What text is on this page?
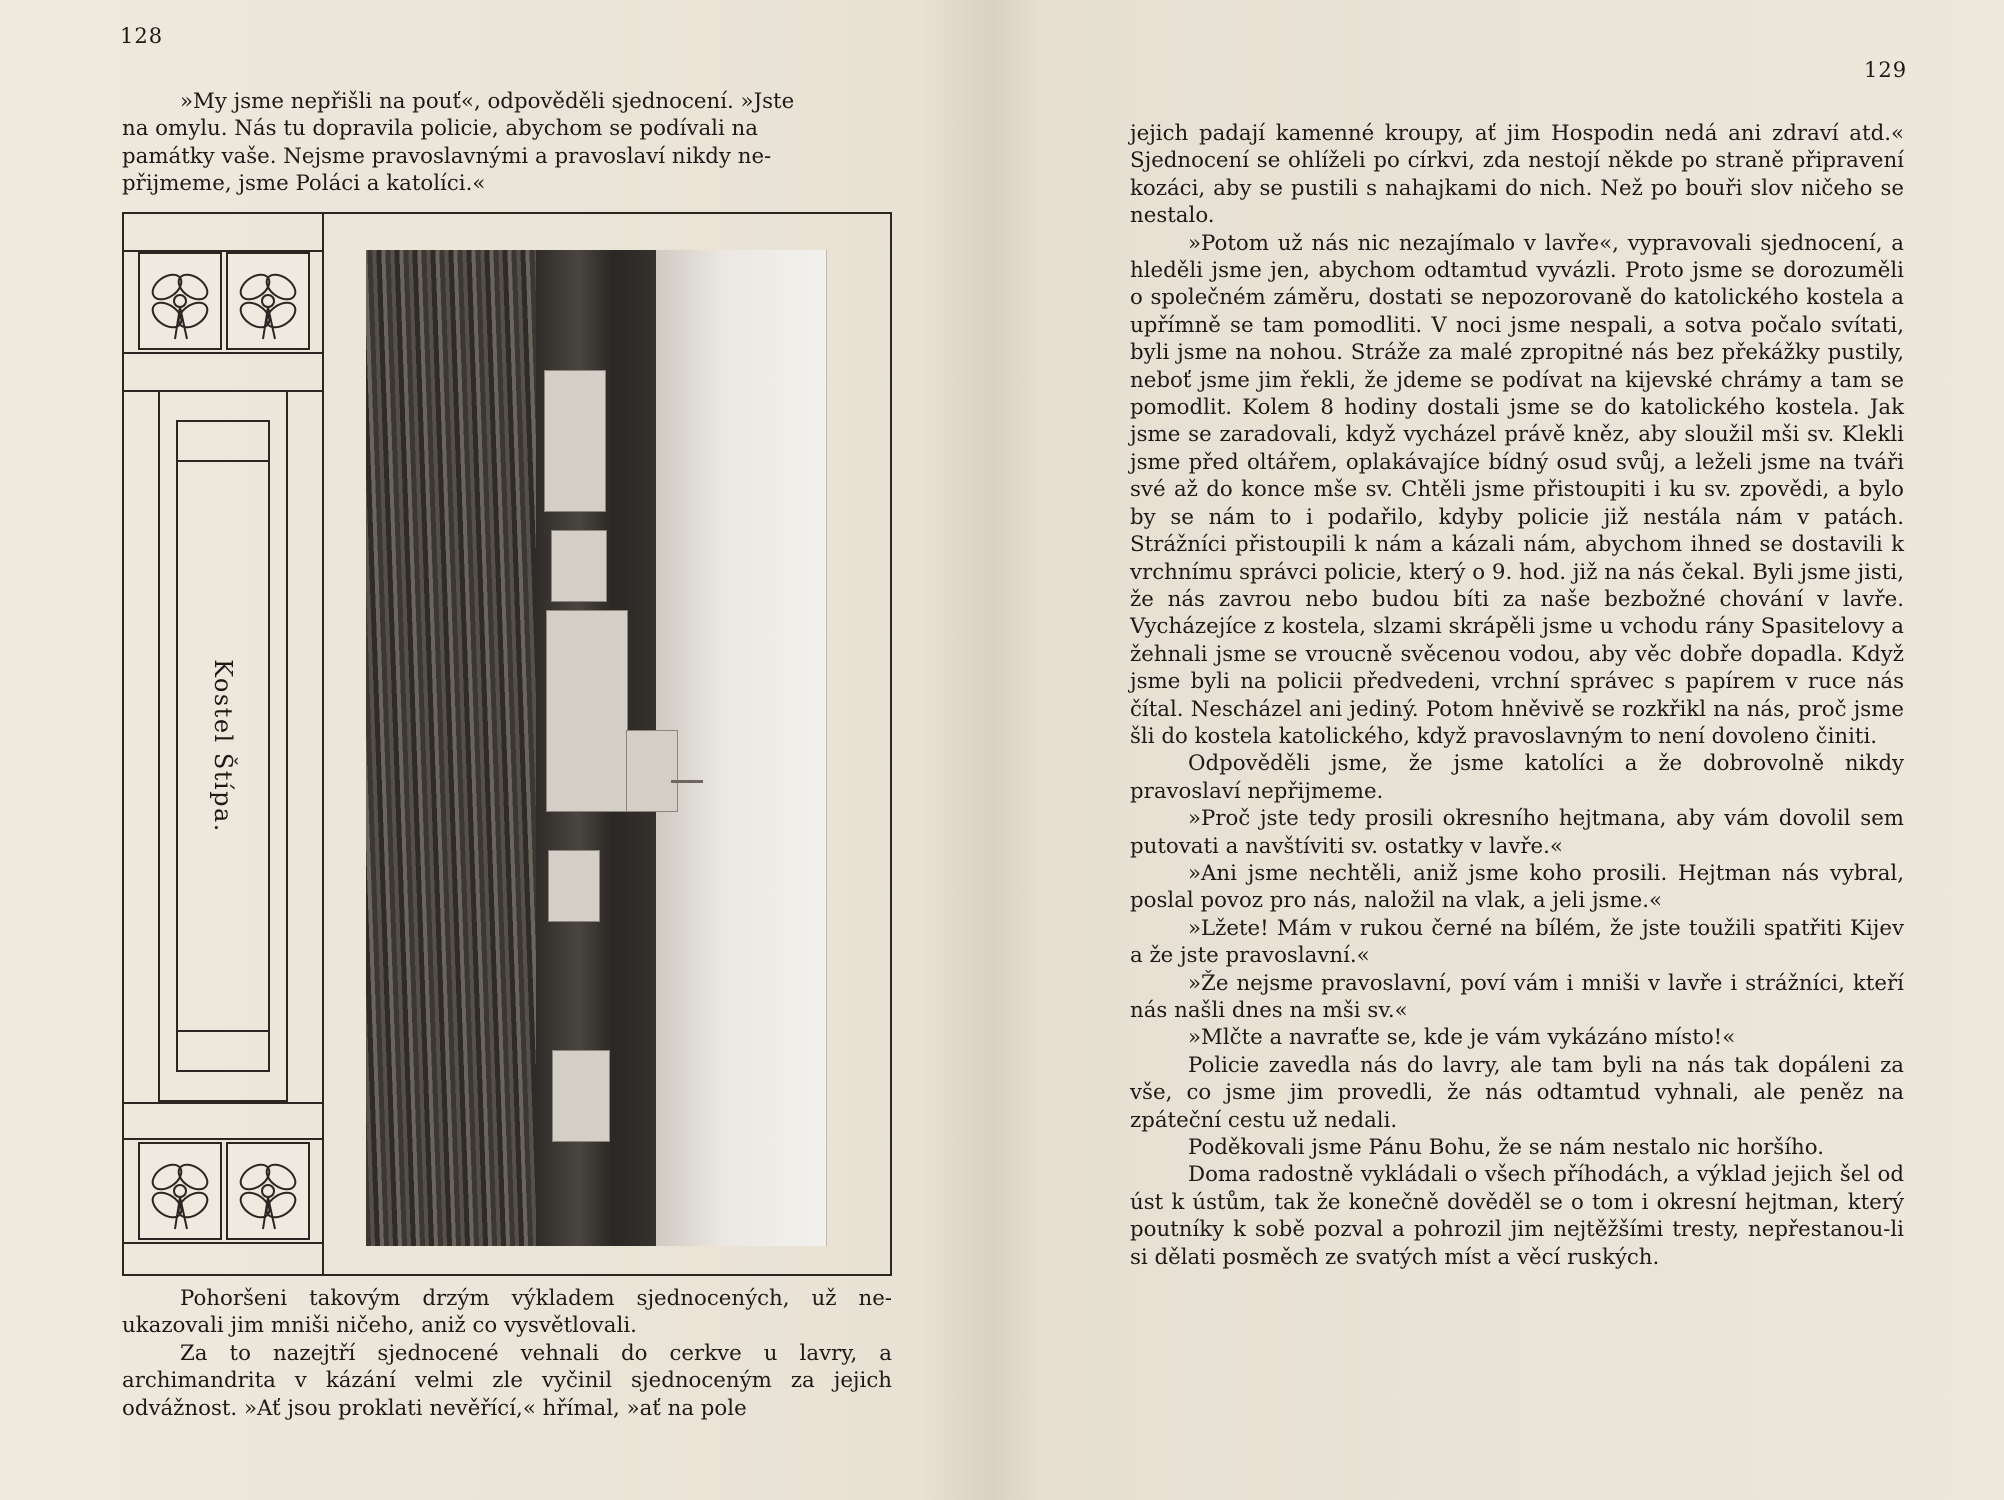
128

»My jsme nepřišli na pouť«, odpověděli sjednocení. »Jste

na omylu. Nás tu dopravila policie, abychom se podívali na

památky vaše. Nejsme pravoslavnými a pravoslaví nikdy ne-

přijmeme, jsme Poláci a katolíci.«

Kostel Štípa.

Pohoršeni takovým drzým výkladem sjednocených, už ne-ukazovali jim mniši ničeho, aniž co vysvětlovali.

Za to nazejtří sjednocené vehnali do cerkve u lavry, a archimandrita v kázání velmi zle vyčinil sjednoceným za jejich odvážnost. »Ať jsou proklati nevěřící,« hřímal, »ať na pole

129

jejich padají kamenné kroupy, ať jim Hospodin nedá ani zdraví atd.« Sjednocení se ohlíželi po církvi, zda nestojí někde po straně připravení kozáci, aby se pustili s nahajkami do nich. Než po bouři slov ničeho se nestalo.

»Potom už nás nic nezajímalo v lavře«, vypravovali sjednocení, a hleděli jsme jen, abychom odtamtud vyvázli. Proto jsme se dorozuměli o společném záměru, dostati se nepozorovaně do katolického kostela a upřímně se tam pomodliti. V noci jsme nespali, a sotva počalo svítati, byli jsme na nohou. Stráže za malé zpropitné nás bez překážky pustily, neboť jsme jim řekli, že jdeme se podívat na kijevské chrámy a tam se pomodlit. Kolem 8 hodiny dostali jsme se do katolického kostela. Jak jsme se zaradovali, když vycházel právě kněz, aby sloužil mši sv. Klekli jsme před oltářem, oplakávajíce bídný osud svůj, a leželi jsme na tváři své až do konce mše sv. Chtěli jsme přistoupiti i ku sv. zpovědi, a bylo by se nám to i podařilo, kdyby policie již nestála nám v patách. Strážníci přistoupili k nám a kázali nám, abychom ihned se dostavili k vrchnímu správci policie, který o 9. hod. již na nás čekal. Byli jsme jisti, že nás zavrou nebo budou bíti za naše bezbožné chování v lavře. Vycházejíce z kostela, slzami skrápěli jsme u vchodu rány Spasitelovy a žehnali jsme se vroucně svěcenou vodou, aby věc dobře dopadla. Když jsme byli na policii předvedeni, vrchní správec s papírem v ruce nás čítal. Nescházel ani jediný. Potom hněvivě se rozkřikl na nás, proč jsme šli do kostela katolického, když pravoslavným to není dovoleno činiti.

Odpověděli jsme, že jsme katolíci a že dobrovolně nikdy pravoslaví nepřijmeme.

»Proč jste tedy prosili okresního hejtmana, aby vám dovolil sem putovati a navštíviti sv. ostatky v lavře.«

»Ani jsme nechtěli, aniž jsme koho prosili. Hejtman nás vybral, poslal povoz pro nás, naložil na vlak, a jeli jsme.«

»Lžete! Mám v rukou černé na bílém, že jste toužili spatřiti Kijev a že jste pravoslavní.«

»Že nejsme pravoslavní, poví vám i mniši v lavře i strážníci, kteří nás našli dnes na mši sv.«

»Mlčte a navraťte se, kde je vám vykázáno místo!«

Policie zavedla nás do lavry, ale tam byli na nás tak dopáleni za vše, co jsme jim provedli, že nás odtamtud vyhnali, ale peněz na zpáteční cestu už nedali.

Poděkovali jsme Pánu Bohu, že se nám nestalo nic horšího.

Doma radostně vykládali o všech příhodách, a výklad jejich šel od úst k ústům, tak že konečně dověděl se o tom i okresní hejtman, který poutníky k sobě pozval a pohrozil jim nejtěžšími tresty, nepřestanou-li si dělati posměch ze svatých míst a věcí ruských.
